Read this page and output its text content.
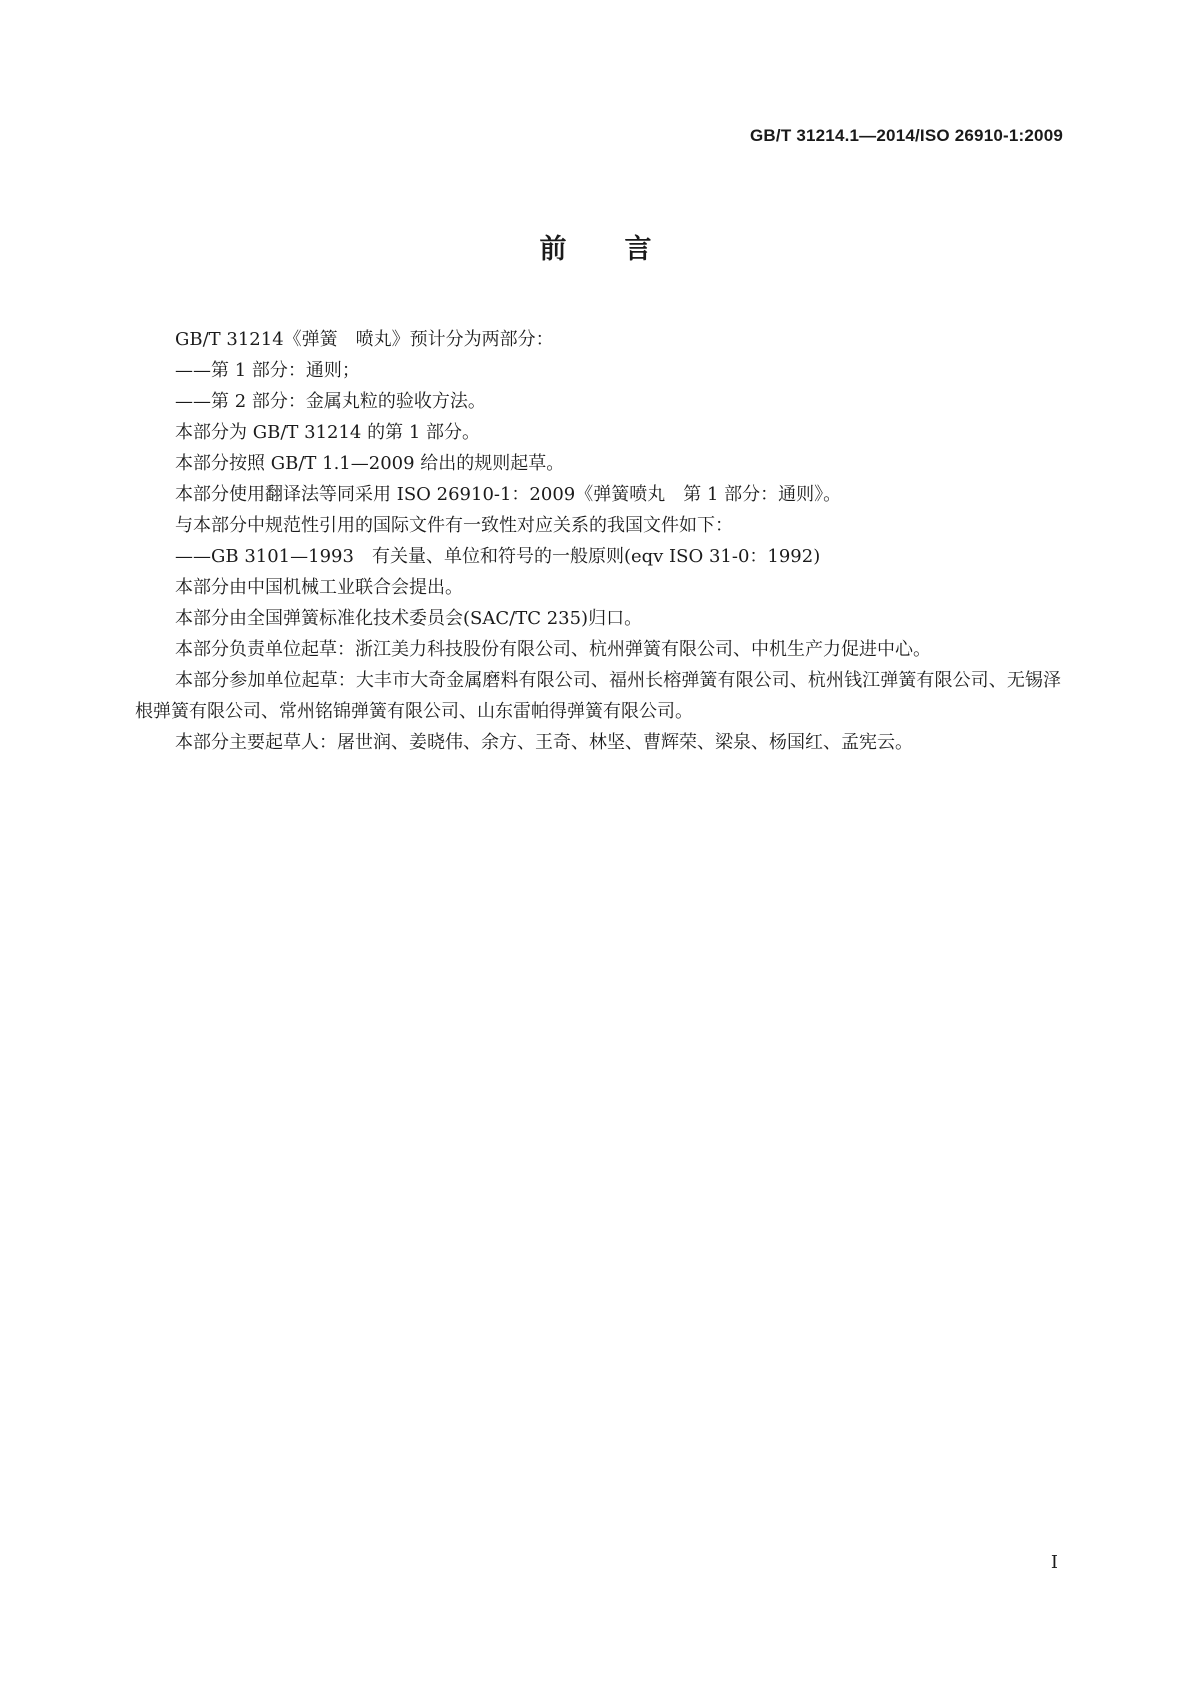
GB/T 31214.1—2014/ISO 26910-1:2009
前言

GB/T 31214《弹簧　喷丸》预计分为两部分：

——第 1 部分：通则；

——第 2 部分：金属丸粒的验收方法。

本部分为 GB/T 31214 的第 1 部分。

本部分按照 GB/T 1.1—2009 给出的规则起草。

本部分使用翻译法等同采用 ISO 26910-1：2009《弹簧喷丸　第 1 部分：通则》。

与本部分中规范性引用的国际文件有一致性对应关系的我国文件如下：

——GB 3101—1993　有关量、单位和符号的一般原则(eqv ISO 31-0：1992)

本部分由中国机械工业联合会提出。

本部分由全国弹簧标准化技术委员会(SAC/TC 235)归口。

本部分负责单位起草：浙江美力科技股份有限公司、杭州弹簧有限公司、中机生产力促进中心。

本部分参加单位起草：大丰市大奇金属磨料有限公司、福州长榕弹簧有限公司、杭州钱江弹簧有限公司、无锡泽根弹簧有限公司、常州铭锦弹簧有限公司、山东雷帕得弹簧有限公司。

本部分主要起草人：屠世润、姜晓伟、余方、王奇、林坚、曹辉荣、梁泉、杨国红、孟宪云。

I
